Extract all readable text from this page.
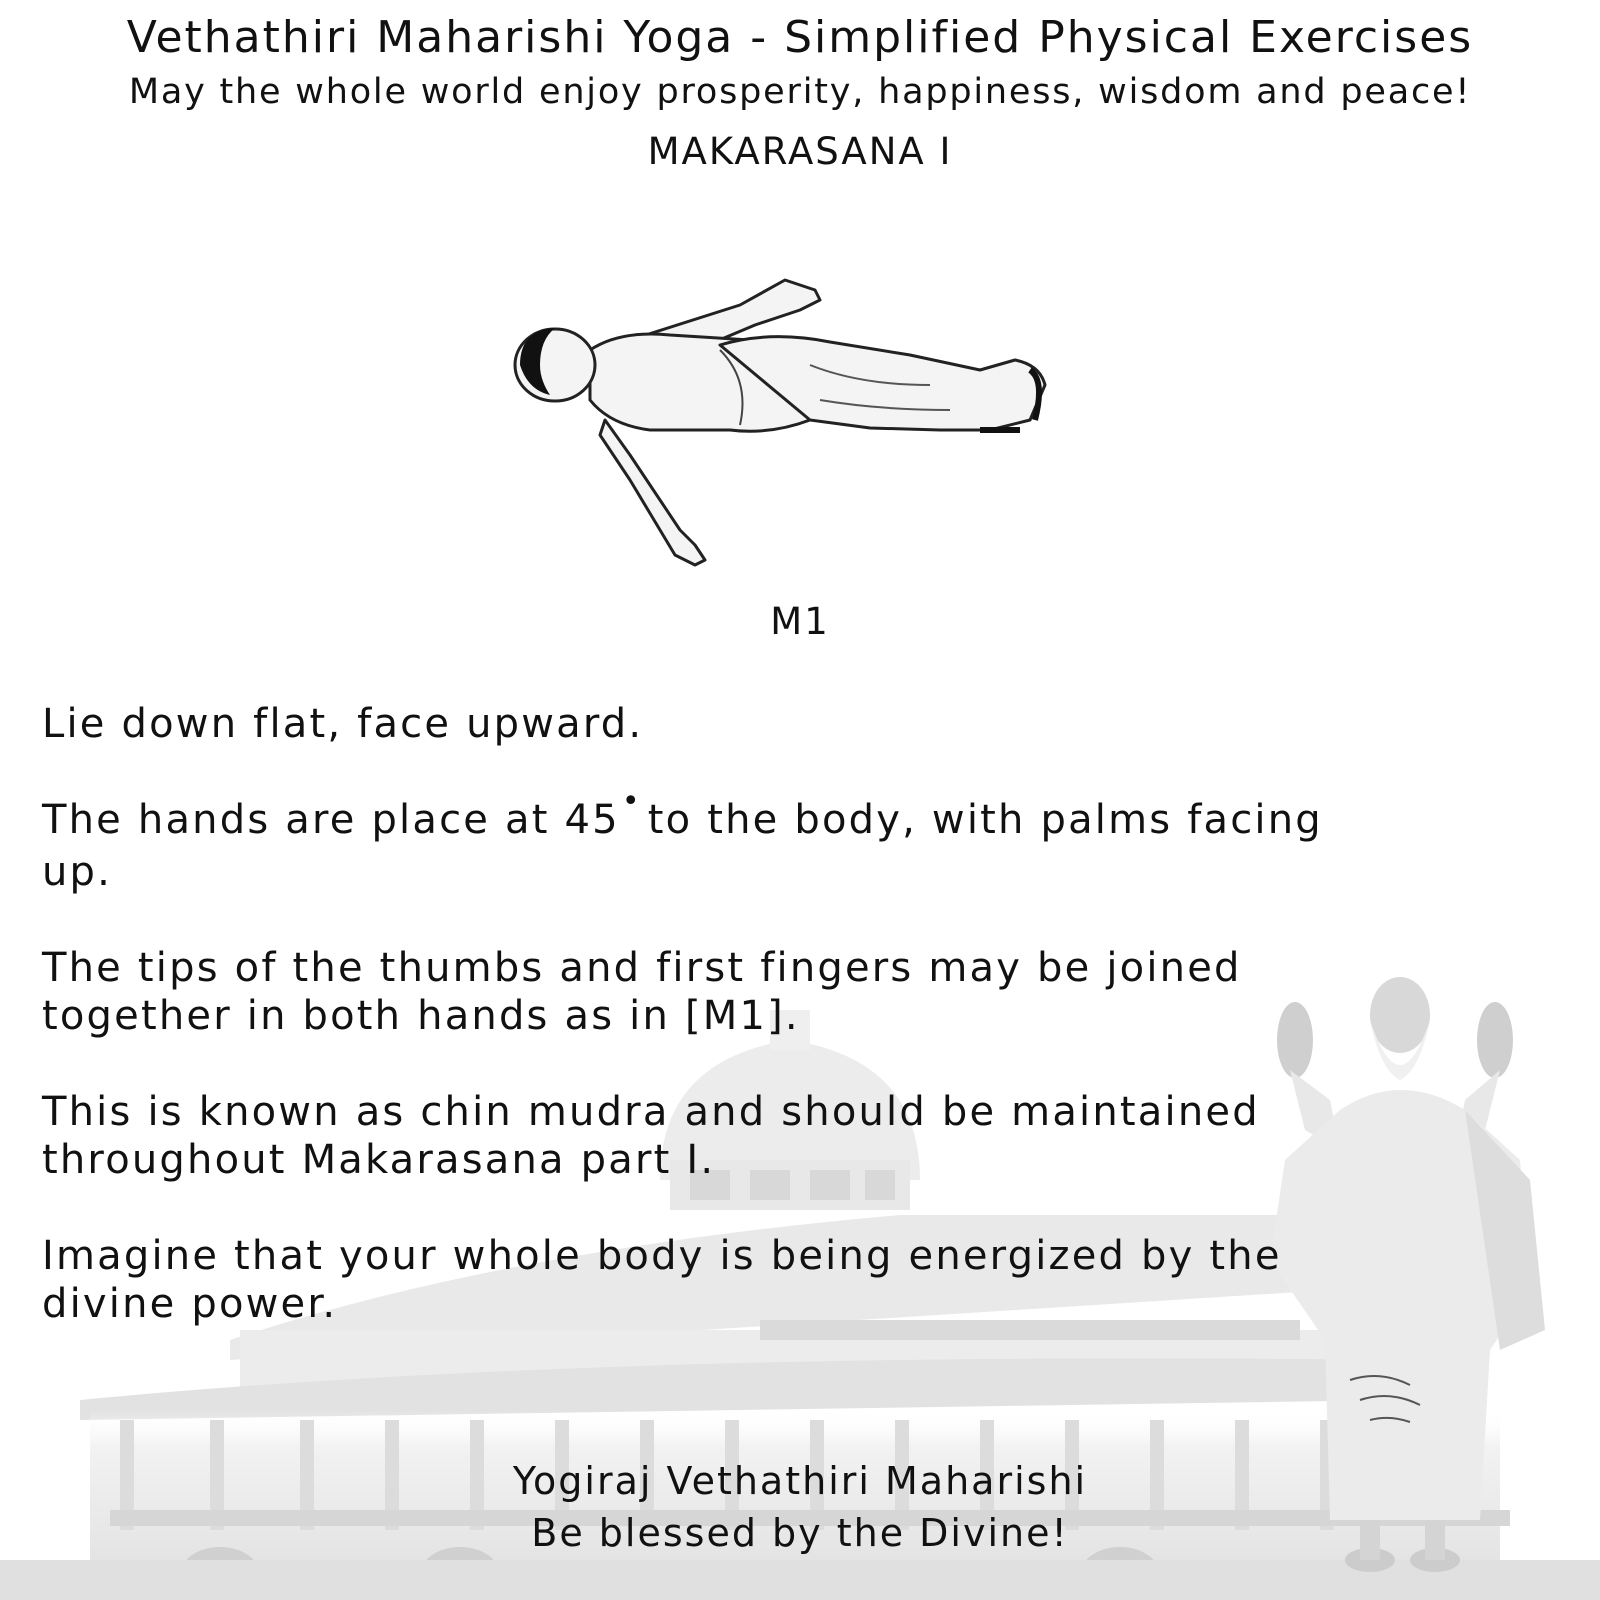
Vethathiri Maharishi Yoga - Simplified Physical Exercises
May the whole world enjoy prosperity, happiness, wisdom and peace!
MAKARASANA I
M1

Lie down flat, face upward.

The hands are place at 45• to the body, with palms facing up.

The tips of the thumbs and first fingers may be joined together in both hands as in [M1].

This is known as chin mudra and should be maintained throughout Makarasana part I.

Imagine that your whole body is being energized by the divine power.

Yogiraj Vethathiri Maharishi
Be blessed by the Divine!
